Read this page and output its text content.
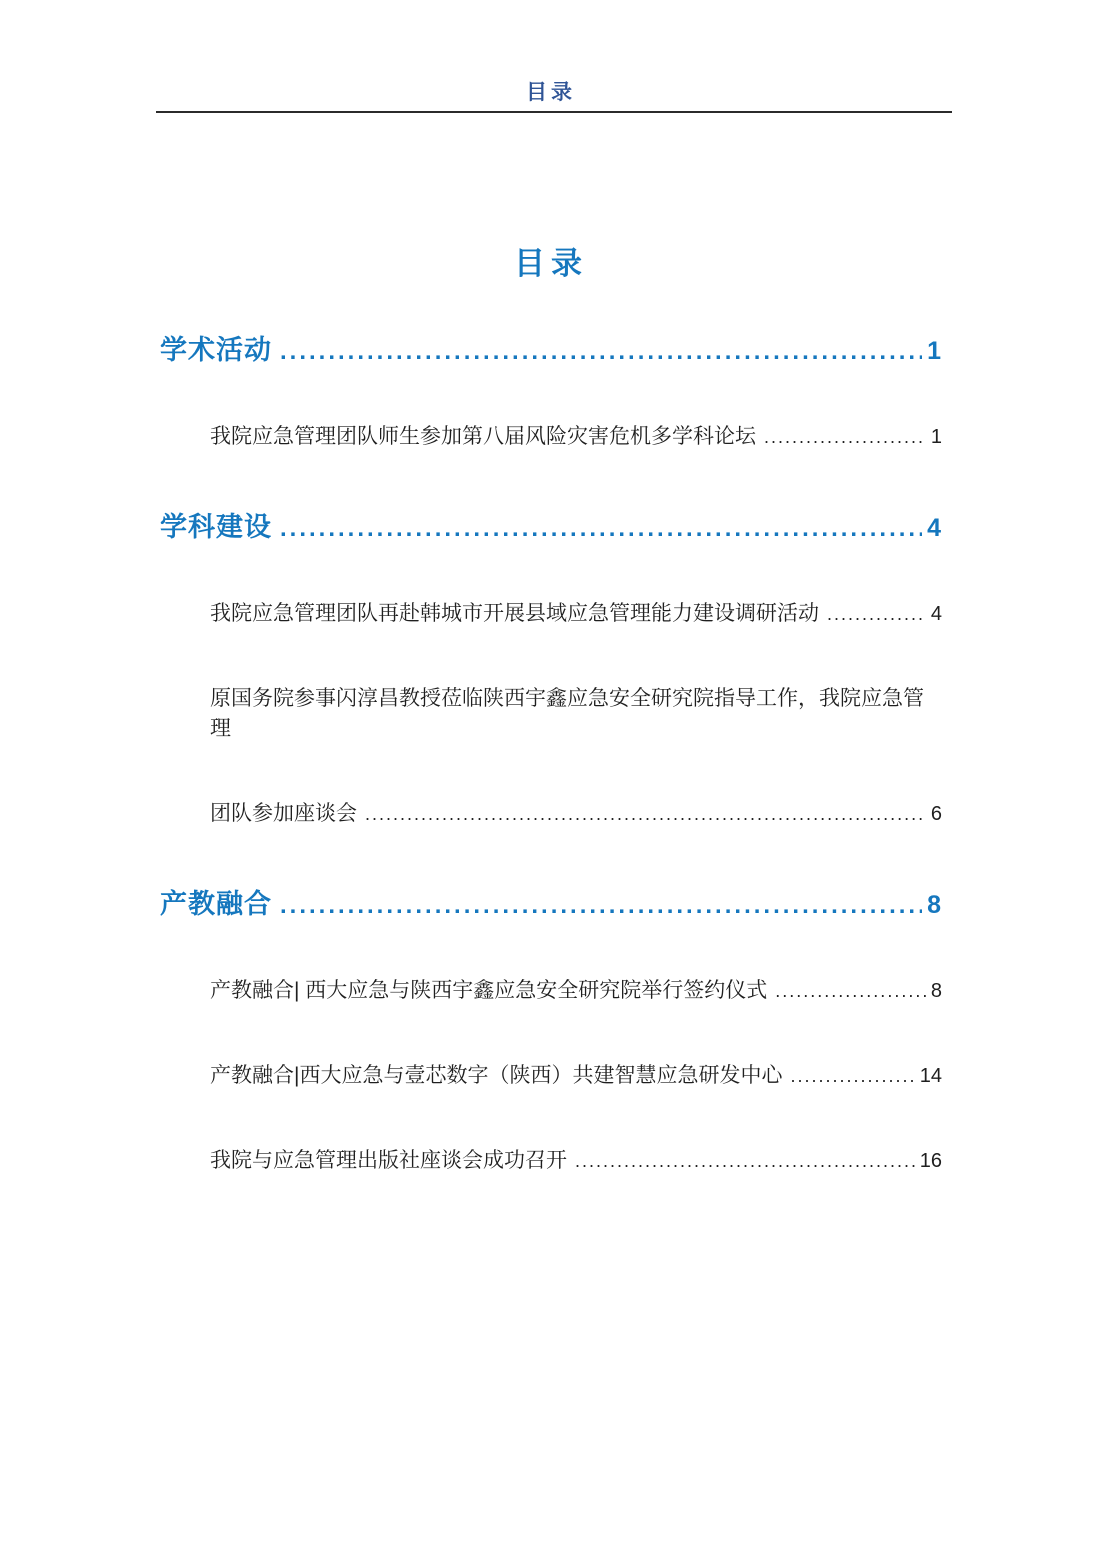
目录
目录
学术活动 .....	1
我院应急管理团队师生参加第八届风险灾害危机多学科论坛 .....	1
学科建设 .....	4
我院应急管理团队再赴韩城市开展县域应急管理能力建设调研活动 .....	4
原国务院参事闪淳昌教授莅临陕西宇鑫应急安全研究院指导工作，我院应急管理
团队参加座谈会 .....	6
产教融合 .....	8
产教融合| 西大应急与陕西宇鑫应急安全研究院举行签约仪式 .....	8
产教融合|西大应急与壹芯数字（陕西）共建智慧应急研发中心 .....	14
我院与应急管理出版社座谈会成功召开 .....	16
